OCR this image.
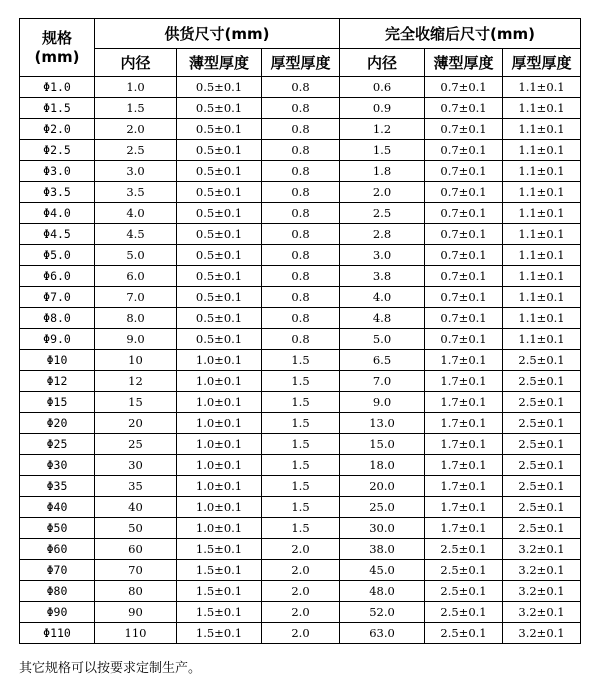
规格
(mm)	供货尺寸(mm)			完全收缩后尺寸(mm)		
	内径	薄型厚度	厚型厚度	内径	薄型厚度	厚型厚度
Φ1.0	1.0	0.5±0.1	0.8	0.6	0.7±0.1	1.1±0.1
Φ1.5	1.5	0.5±0.1	0.8	0.9	0.7±0.1	1.1±0.1
Φ2.0	2.0	0.5±0.1	0.8	1.2	0.7±0.1	1.1±0.1
Φ2.5	2.5	0.5±0.1	0.8	1.5	0.7±0.1	1.1±0.1
Φ3.0	3.0	0.5±0.1	0.8	1.8	0.7±0.1	1.1±0.1
Φ3.5	3.5	0.5±0.1	0.8	2.0	0.7±0.1	1.1±0.1
Φ4.0	4.0	0.5±0.1	0.8	2.5	0.7±0.1	1.1±0.1
Φ4.5	4.5	0.5±0.1	0.8	2.8	0.7±0.1	1.1±0.1
Φ5.0	5.0	0.5±0.1	0.8	3.0	0.7±0.1	1.1±0.1
Φ6.0	6.0	0.5±0.1	0.8	3.8	0.7±0.1	1.1±0.1
Φ7.0	7.0	0.5±0.1	0.8	4.0	0.7±0.1	1.1±0.1
Φ8.0	8.0	0.5±0.1	0.8	4.8	0.7±0.1	1.1±0.1
Φ9.0	9.0	0.5±0.1	0.8	5.0	0.7±0.1	1.1±0.1
Φ10	10	1.0±0.1	1.5	6.5	1.7±0.1	2.5±0.1
Φ12	12	1.0±0.1	1.5	7.0	1.7±0.1	2.5±0.1
Φ15	15	1.0±0.1	1.5	9.0	1.7±0.1	2.5±0.1
Φ20	20	1.0±0.1	1.5	13.0	1.7±0.1	2.5±0.1
Φ25	25	1.0±0.1	1.5	15.0	1.7±0.1	2.5±0.1
Φ30	30	1.0±0.1	1.5	18.0	1.7±0.1	2.5±0.1
Φ35	35	1.0±0.1	1.5	20.0	1.7±0.1	2.5±0.1
Φ40	40	1.0±0.1	1.5	25.0	1.7±0.1	2.5±0.1
Φ50	50	1.0±0.1	1.5	30.0	1.7±0.1	2.5±0.1
Φ60	60	1.5±0.1	2.0	38.0	2.5±0.1	3.2±0.1
Φ70	70	1.5±0.1	2.0	45.0	2.5±0.1	3.2±0.1
Φ80	80	1.5±0.1	2.0	48.0	2.5±0.1	3.2±0.1
Φ90	90	1.5±0.1	2.0	52.0	2.5±0.1	3.2±0.1
Φ110	110	1.5±0.1	2.0	63.0	2.5±0.1	3.2±0.1
其它规格可以按要求定制生产。
